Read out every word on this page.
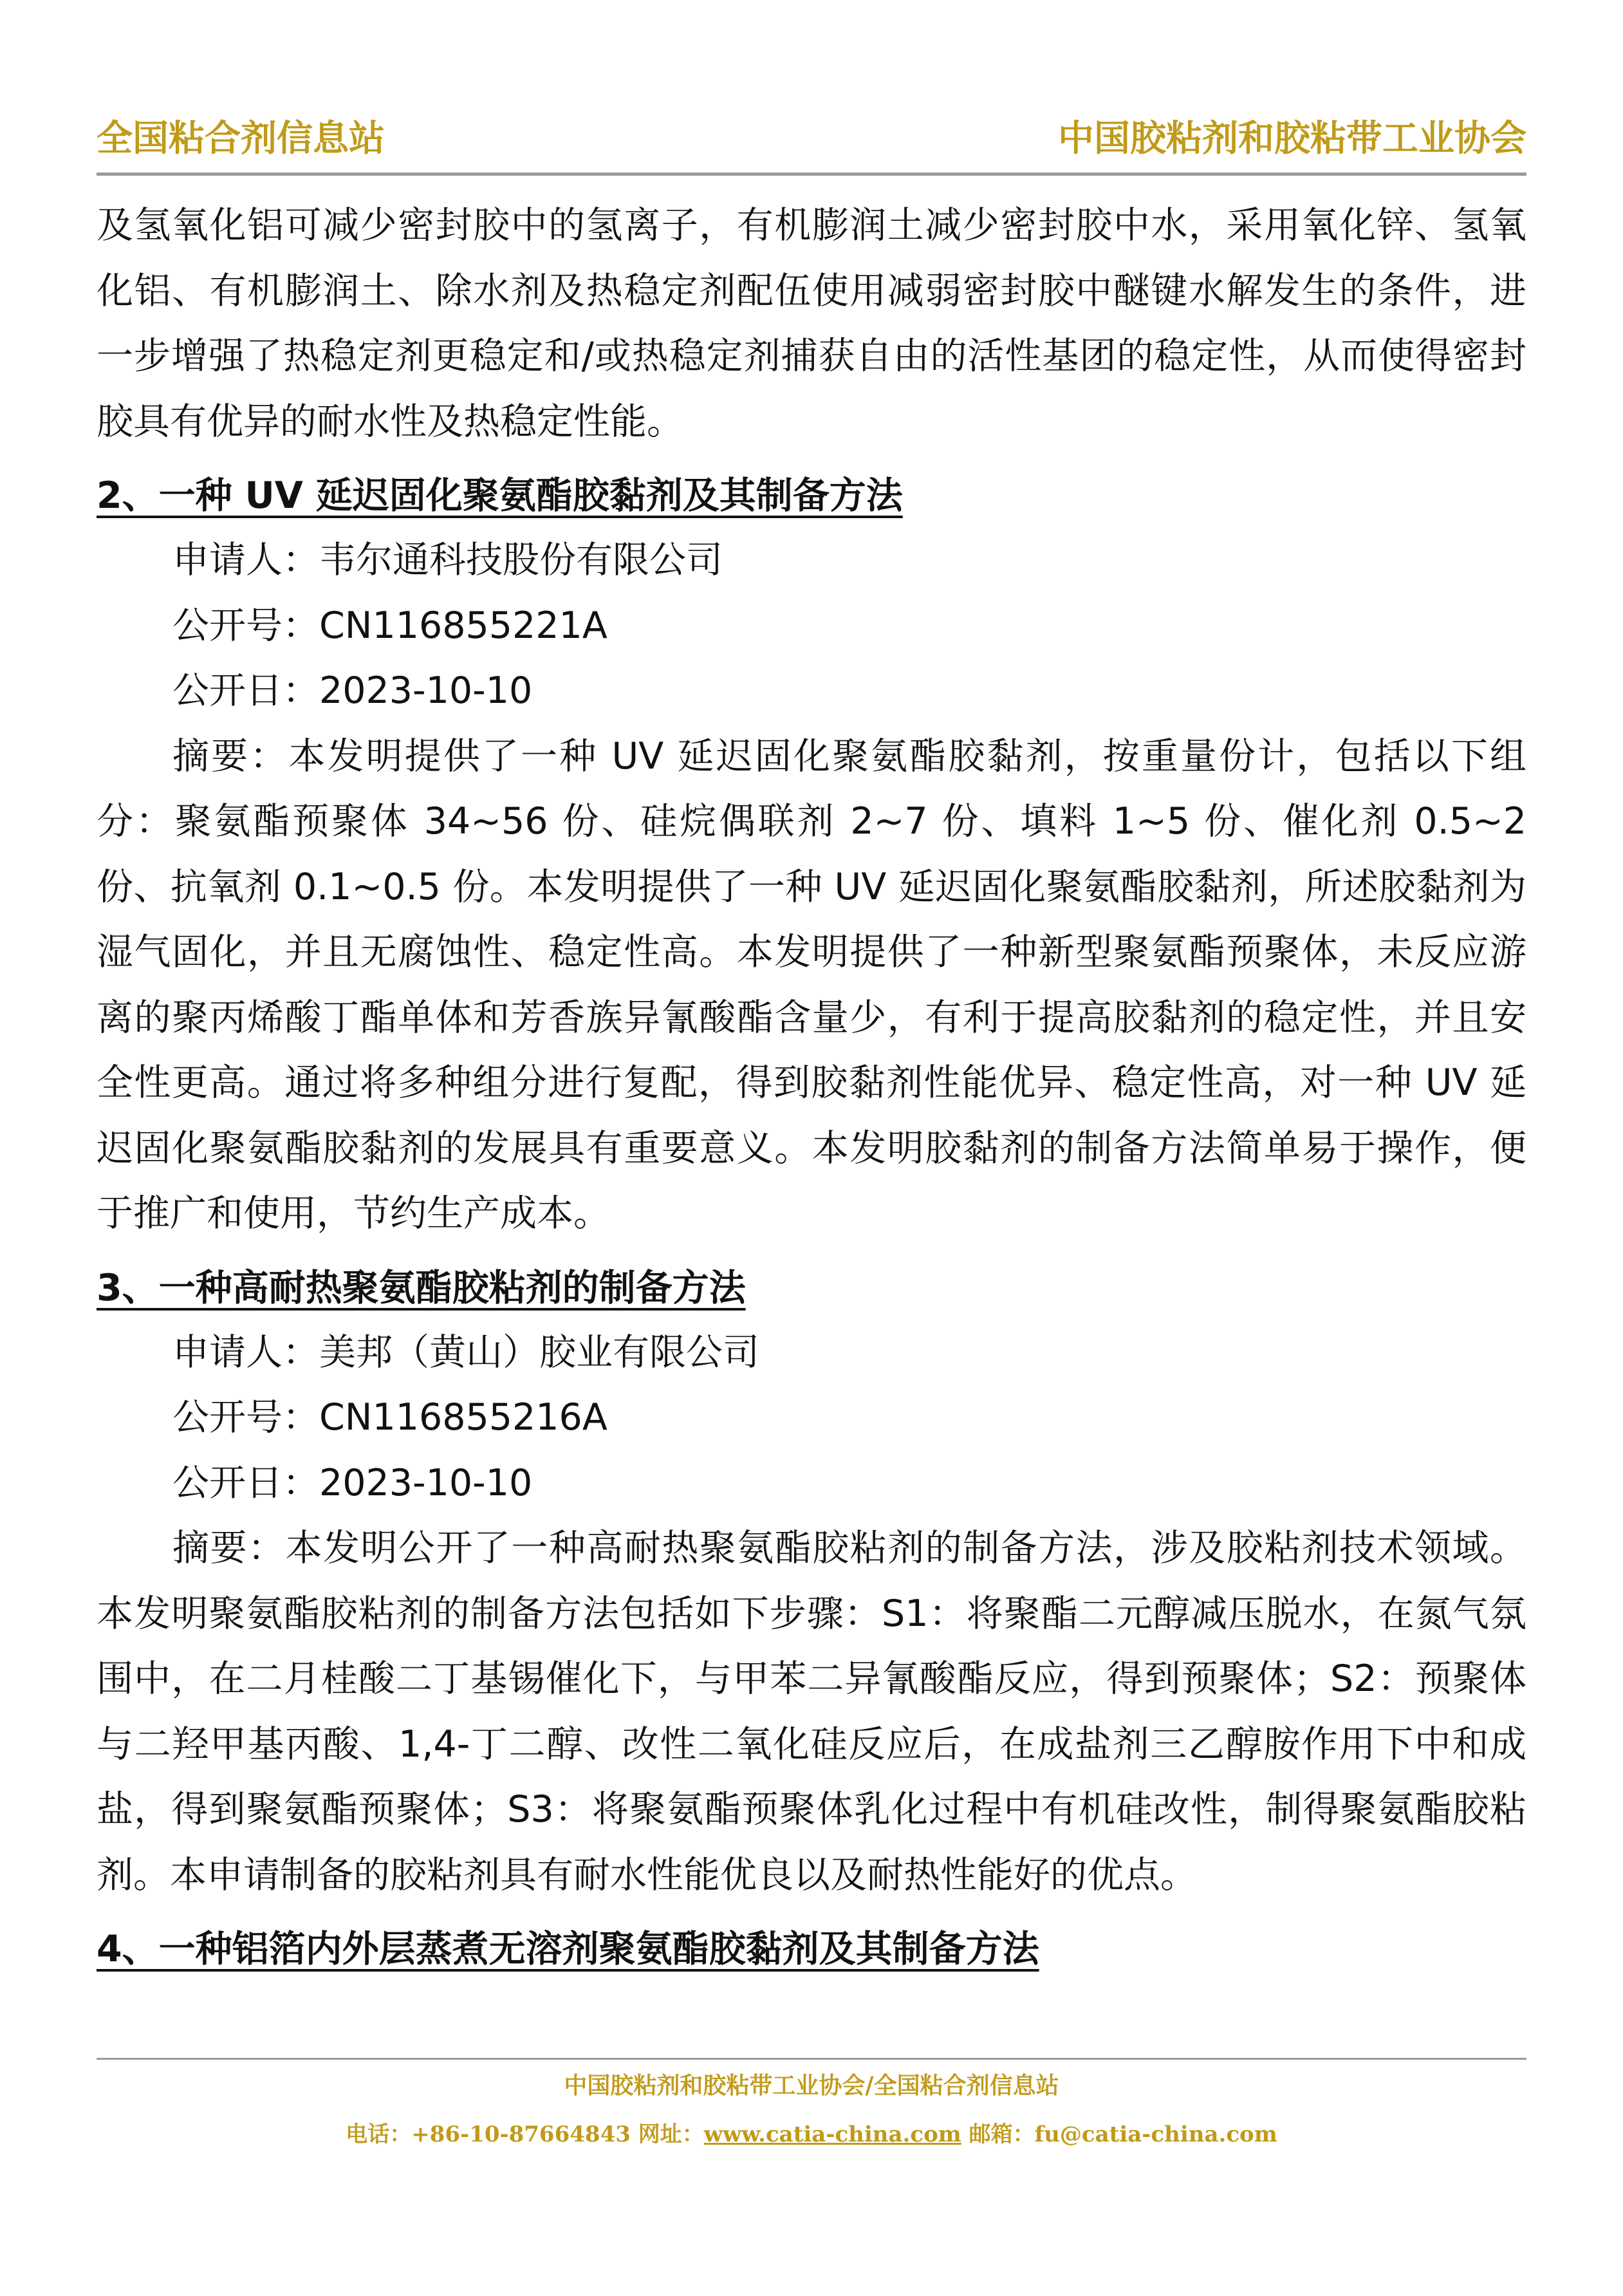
全国粘合剂信息站	中国胶粘剂和胶粘带工业协会

及氢氧化铝可减少密封胶中的氢离子，有机膨润土减少密封胶中水，采用氧化锌、氢氧化铝、有机膨润土、除水剂及热稳定剂配伍使用减弱密封胶中醚键水解发生的条件，进一步增强了热稳定剂更稳定和/或热稳定剂捕获自由的活性基团的稳定性，从而使得密封胶具有优异的耐水性及热稳定性能。

2、一种 UV 延迟固化聚氨酯胶黏剂及其制备方法

申请人：韦尔通科技股份有限公司

公开号：CN116855221A

公开日：2023-10-10

摘要：本发明提供了一种 UV 延迟固化聚氨酯胶黏剂，按重量份计，包括以下组分：聚氨酯预聚体 34~56 份、硅烷偶联剂 2~7 份、填料 1~5 份、催化剂 0.5~2 份、抗氧剂 0.1~0.5 份。本发明提供了一种 UV 延迟固化聚氨酯胶黏剂，所述胶黏剂为湿气固化，并且无腐蚀性、稳定性高。本发明提供了一种新型聚氨酯预聚体，未反应游离的聚丙烯酸丁酯单体和芳香族异氰酸酯含量少，有利于提高胶黏剂的稳定性，并且安全性更高。通过将多种组分进行复配，得到胶黏剂性能优异、稳定性高，对一种 UV 延迟固化聚氨酯胶黏剂的发展具有重要意义。本发明胶黏剂的制备方法简单易于操作，便于推广和使用，节约生产成本。

3、一种高耐热聚氨酯胶粘剂的制备方法

申请人：美邦（黄山）胶业有限公司

公开号：CN116855216A

公开日：2023-10-10

摘要：本发明公开了一种高耐热聚氨酯胶粘剂的制备方法，涉及胶粘剂技术领域。本发明聚氨酯胶粘剂的制备方法包括如下步骤：S1：将聚酯二元醇减压脱水，在氮气氛围中，在二月桂酸二丁基锡催化下，与甲苯二异氰酸酯反应，得到预聚体；S2：预聚体与二羟甲基丙酸、1,4-丁二醇、改性二氧化硅反应后，在成盐剂三乙醇胺作用下中和成盐，得到聚氨酯预聚体；S3：将聚氨酯预聚体乳化过程中有机硅改性，制得聚氨酯胶粘剂。本申请制备的胶粘剂具有耐水性能优良以及耐热性能好的优点。

4、一种铝箔内外层蒸煮无溶剂聚氨酯胶黏剂及其制备方法

中国胶粘剂和胶粘带工业协会/全国粘合剂信息站
电话：+86-10-87664843 网址：www.catia-china.com 邮箱：fu@catia-china.com
